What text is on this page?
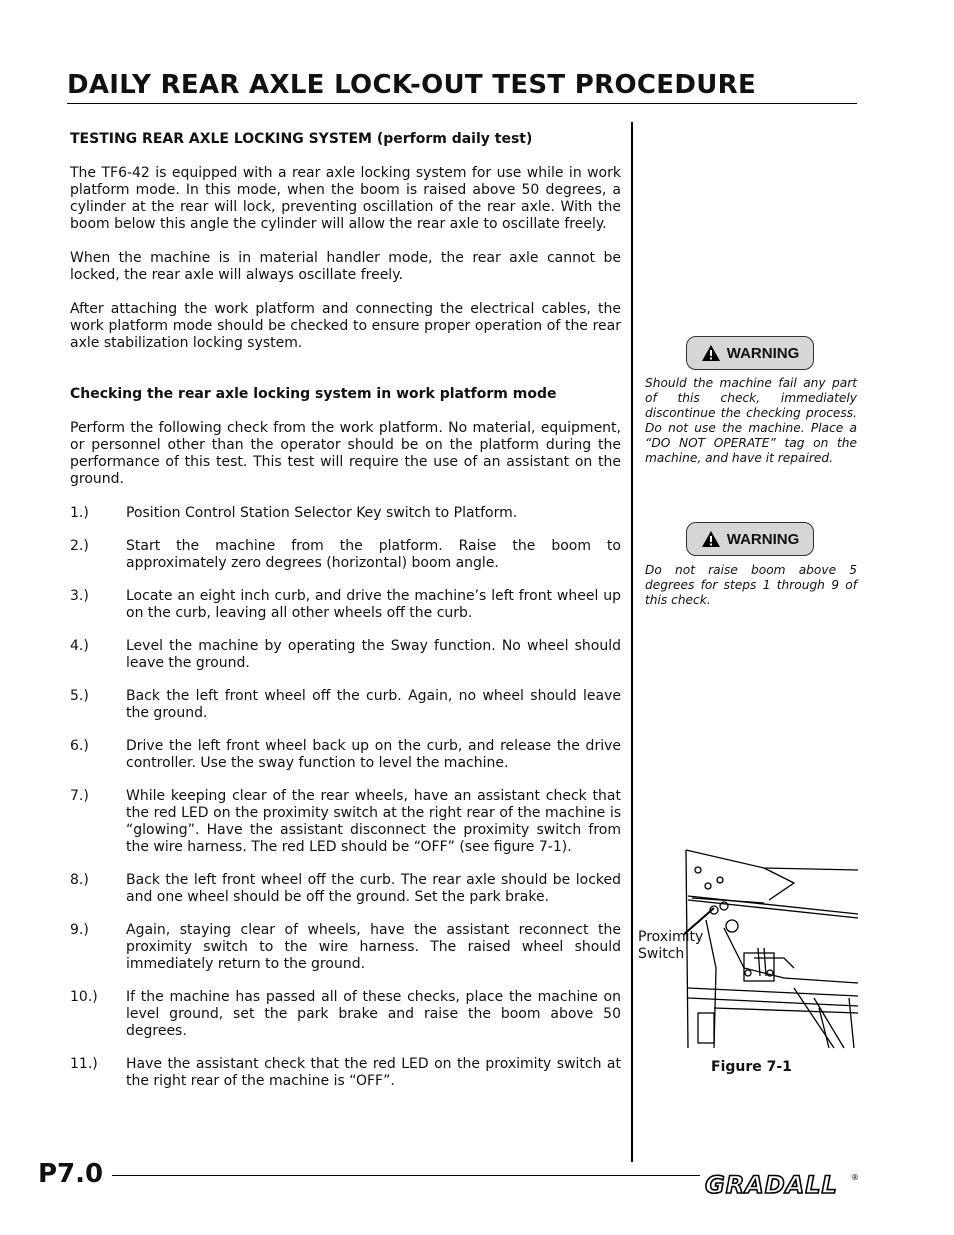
DAILY REAR AXLE LOCK-OUT TEST PROCEDURE

TESTING REAR AXLE LOCKING SYSTEM (perform daily test)

The TF6-42 is equipped with a rear axle locking system for use while in work platform mode. In this mode, when the boom is raised above 50 degrees, a cylinder at the rear will lock, preventing oscillation of the rear axle. With the boom below this angle the cylinder will allow the rear axle to oscillate freely.

When the machine is in material handler mode, the rear axle cannot be locked, the rear axle will always oscillate freely.

After attaching the work platform and connecting the electrical cables, the work platform mode should be checked to ensure proper operation of the rear axle stabilization locking system.

Checking the rear axle locking system in work platform mode

Perform the following check from the work platform. No material, equipment, or personnel other than the operator should be on the platform during the performance of this test. This test will require the use of an assistant on the ground.

1.)	Position Control Station Selector Key switch to Platform.
2.)	Start the machine from the platform. Raise the boom to approximately zero degrees (horizontal) boom angle.
3.)	Locate an eight inch curb, and drive the machine’s left front wheel up on the curb, leaving all other wheels off the curb.
4.)	Level the machine by operating the Sway function. No wheel should leave the ground.
5.)	Back the left front wheel off the curb. Again, no wheel should leave the ground.
6.)	Drive the left front wheel back up on the curb, and release the drive controller. Use the sway function to level the machine.
7.)	While keeping clear of the rear wheels, have an assistant check that the red LED on the proximity switch at the right rear of the machine is “glowing”. Have the assistant disconnect the proximity switch from the wire harness. The red LED should be “OFF” (see figure 7-1).
8.)	Back the left front wheel off the curb. The rear axle should be locked and one wheel should be off the ground. Set the park brake.
9.)	Again, staying clear of wheels, have the assistant reconnect the proximity switch to the wire harness. The raised wheel should immediately return to the ground.
10.)	If the machine has passed all of these checks, place the machine on level ground, set the park brake and raise the boom above 50 degrees.
11.)	Have the assistant check that the red LED on the proximity switch at the right rear of the machine is “OFF”.
WARNING
Should the machine fail any part of this check, immediately discontinue the checking process. Do not use the machine. Place a “DO NOT OPERATE” tag on the machine, and have it repaired.
WARNING
Do not raise boom above 5 degrees for steps 1 through 9 of this check.
Proximity
Switch
Figure 7-1
P7.0	GRADALL ®
